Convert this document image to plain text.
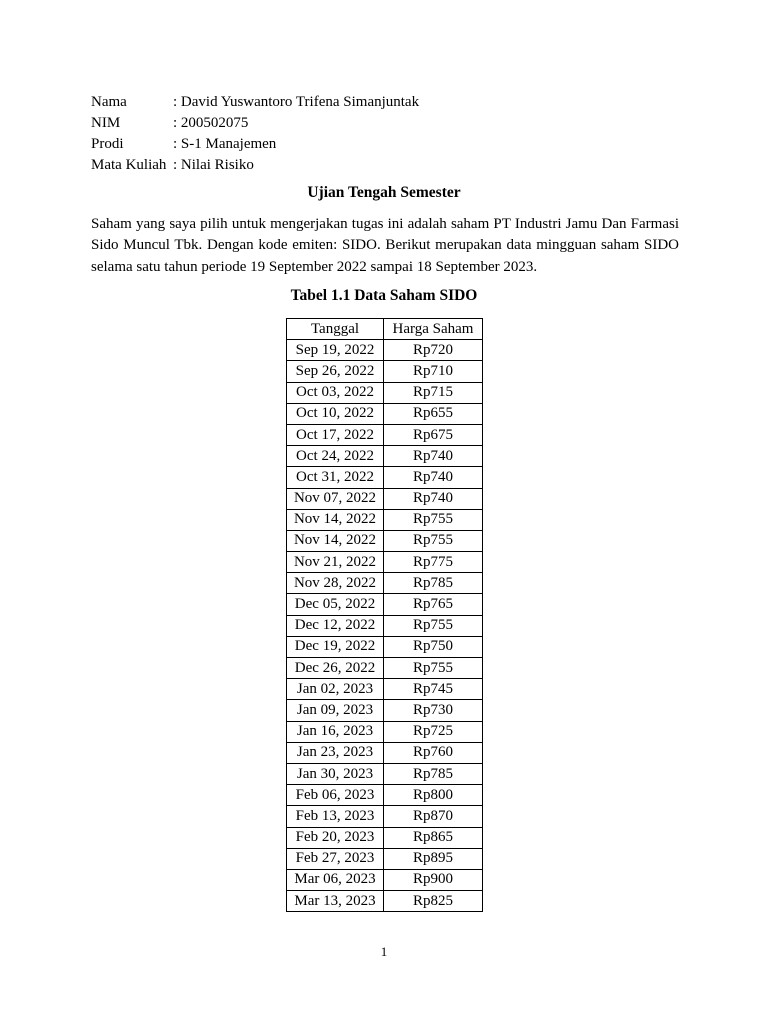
Nama	: David Yuswantoro Trifena Simanjuntak
NIM	: 200502075
Prodi	: S-1 Manajemen
Mata Kuliah : Nilai Risiko
Ujian Tengah Semester
Saham yang saya pilih untuk mengerjakan tugas ini adalah saham PT Industri Jamu Dan Farmasi Sido Muncul Tbk. Dengan kode emiten: SIDO. Berikut merupakan data mingguan saham SIDO selama satu tahun periode 19 September 2022 sampai 18 September 2023.
Tabel 1.1 Data Saham SIDO
Tanggal	Harga Saham
Sep 19, 2022	Rp720
Sep 26, 2022	Rp710
Oct 03, 2022	Rp715
Oct 10, 2022	Rp655
Oct 17, 2022	Rp675
Oct 24, 2022	Rp740
Oct 31, 2022	Rp740
Nov 07, 2022	Rp740
Nov 14, 2022	Rp755
Nov 14, 2022	Rp755
Nov 21, 2022	Rp775
Nov 28, 2022	Rp785
Dec 05, 2022	Rp765
Dec 12, 2022	Rp755
Dec 19, 2022	Rp750
Dec 26, 2022	Rp755
Jan 02, 2023	Rp745
Jan 09, 2023	Rp730
Jan 16, 2023	Rp725
Jan 23, 2023	Rp760
Jan 30, 2023	Rp785
Feb 06, 2023	Rp800
Feb 13, 2023	Rp870
Feb 20, 2023	Rp865
Feb 27, 2023	Rp895
Mar 06, 2023	Rp900
Mar 13, 2023	Rp825
1
